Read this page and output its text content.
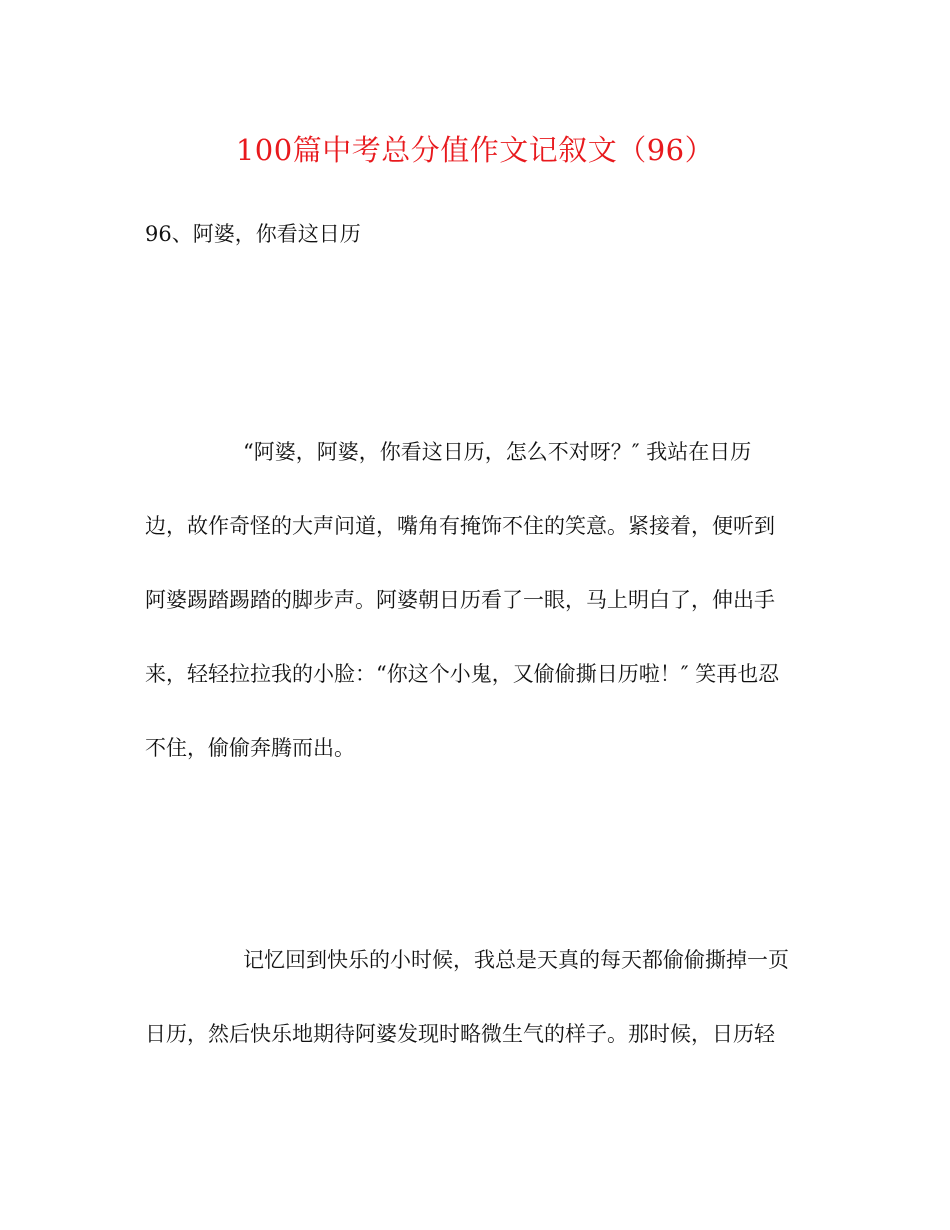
100篇中考总分值作文记叙文（96）
96、阿婆，你看这日历
“阿婆，阿婆，你看这日历，怎么不对呀？″ 我站在日历
边，故作奇怪的大声问道，嘴角有掩饰不住的笑意。紧接着，便听到
阿婆踢踏踢踏的脚步声。阿婆朝日历看了一眼，马上明白了，伸出手
来，轻轻拉拉我的小脸：“你这个小鬼，又偷偷撕日历啦！″ 笑再也忍
不住，偷偷奔腾而出。
记忆回到快乐的小时候，我总是天真的每天都偷偷撕掉一页
日历，然后快乐地期待阿婆发现时略微生气的样子。那时候，日历轻
